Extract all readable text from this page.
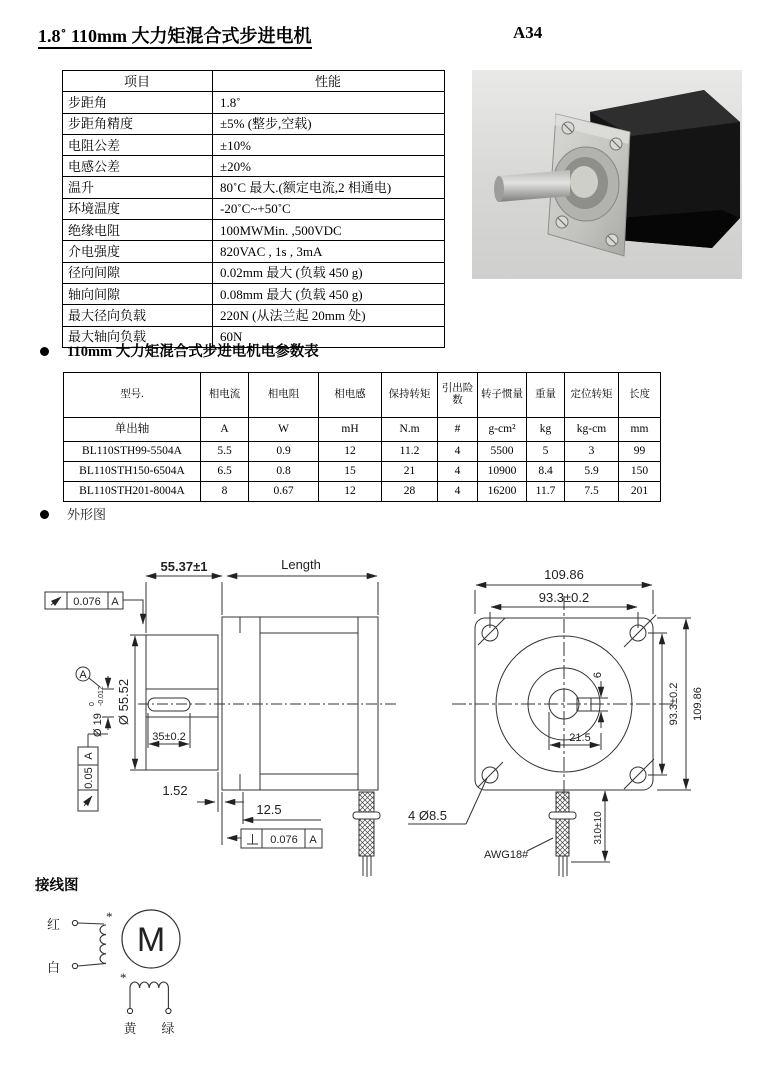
1.8˚ 110mm 大力矩混合式步进电机	A34
项目	性能
步距角	1.8˚
步距角精度	±5% (整步,空载)
电阻公差	±10%
电感公差	±20%
温升	80˚C 最大.(额定电流,2 相通电)
环境温度	-20˚C~+50˚C
绝缘电阻	100MWMin. ,500VDC
介电强度	820VAC , 1s , 3mA
径向间隙	0.02mm 最大 (负载 450 g)
轴向间隙	0.08mm 最大 (负载 450 g)
最大径向负载	220N (从法兰起 20mm 处)
最大轴向负载	60N
110mm 大力矩混合式步进电机电参数表
型号.	相电流	相电阻	相电感	保持转矩	引出险数	转子惯量	重量	定位转矩	长度
单出轴	A	W	mH	N.m	#	g-cm²	kg	kg-cm	mm
BL110STH99-5504A	5.5	0.9	12	11.2	4	5500	5	3	99
BL110STH150-6504A	6.5	0.8	15	21	4	10900	8.4	5.9	150
BL110STH201-8004A	8	0.67	12	28	4	16200	11.7	7.5	201
外形图
55.37±1	Length
0.076 A
A
Ø 19
0 -0.012 Ø 55.52
35±0.2
0.05
A
1.52
12.5
0.076 A
109.86
93.3±0.2
93.3±0.2 109.86
6
21.5
4 Ø8.5
AWG18#
310±10
接线图
红
白
*
*
M
黄 绿
